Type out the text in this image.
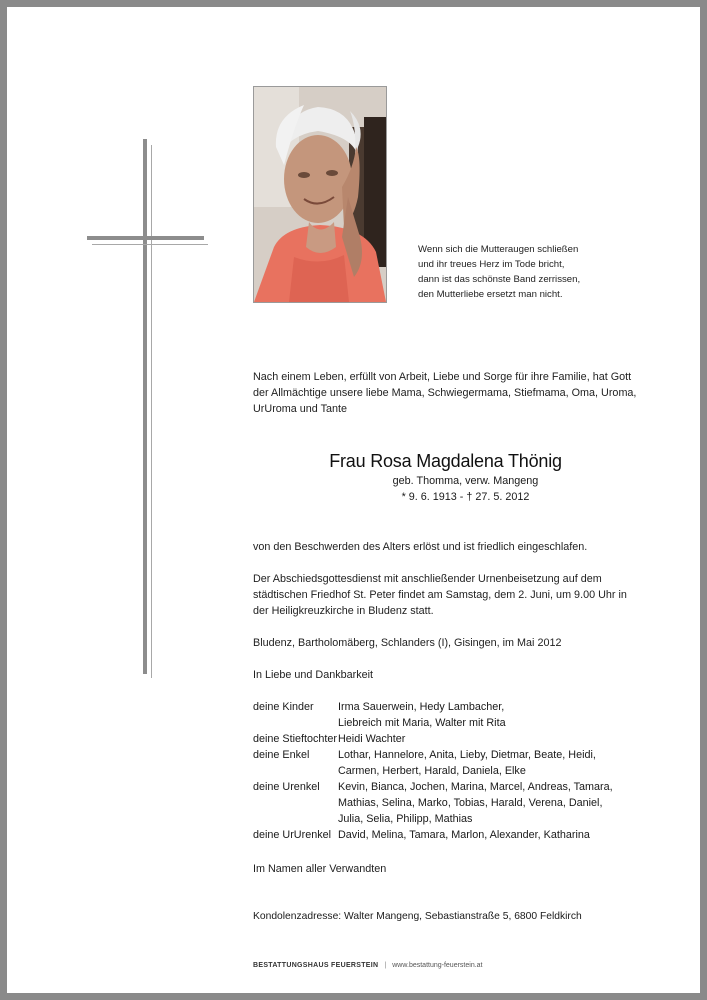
Wenn sich die Mutteraugen schließen
und ihr treues Herz im Tode bricht,
dann ist das schönste Band zerrissen,
den Mutterliebe ersetzt man nicht.
Nach einem Leben, erfüllt von Arbeit, Liebe und Sorge für ihre Familie, hat Gott der Allmächtige unsere liebe Mama, Schwiegermama, Stiefmama, Oma, Uroma, UrUroma und Tante
Frau Rosa Magdalena Thönig
geb. Thomma, verw. Mangeng
* 9. 6. 1913 - † 27. 5. 2012
von den Beschwerden des Alters erlöst und ist friedlich eingeschlafen.
Der Abschiedsgottesdienst mit anschließender Urnenbeisetzung auf dem städtischen Friedhof St. Peter findet am Samstag, dem 2. Juni, um 9.00 Uhr in der Heiligkreuzkirche in Bludenz statt.
Bludenz, Bartholomäberg, Schlanders (I), Gisingen, im Mai 2012
In Liebe und Dankbarkeit
deine Kinder	Irma Sauerwein, Hedy Lambacher,
Liebreich mit Maria, Walter mit Rita
deine Stieftochter Heidi Wachter
deine Enkel	Lothar, Hannelore, Anita, Lieby, Dietmar, Beate, Heidi,
Carmen, Herbert, Harald, Daniela, Elke
deine Urenkel	Kevin, Bianca, Jochen, Marina, Marcel, Andreas, Tamara,
Mathias, Selina, Marko, Tobias, Harald, Verena, Daniel,
Julia, Selia, Philipp, Mathias
deine UrUrenkel David, Melina, Tamara, Marlon, Alexander, Katharina
Im Namen aller Verwandten
Kondolenzadresse: Walter Mangeng, Sebastianstraße 5, 6800 Feldkirch
BESTATTUNGSHAUS FEUERSTEIN | www.bestattung-feuerstein.at
